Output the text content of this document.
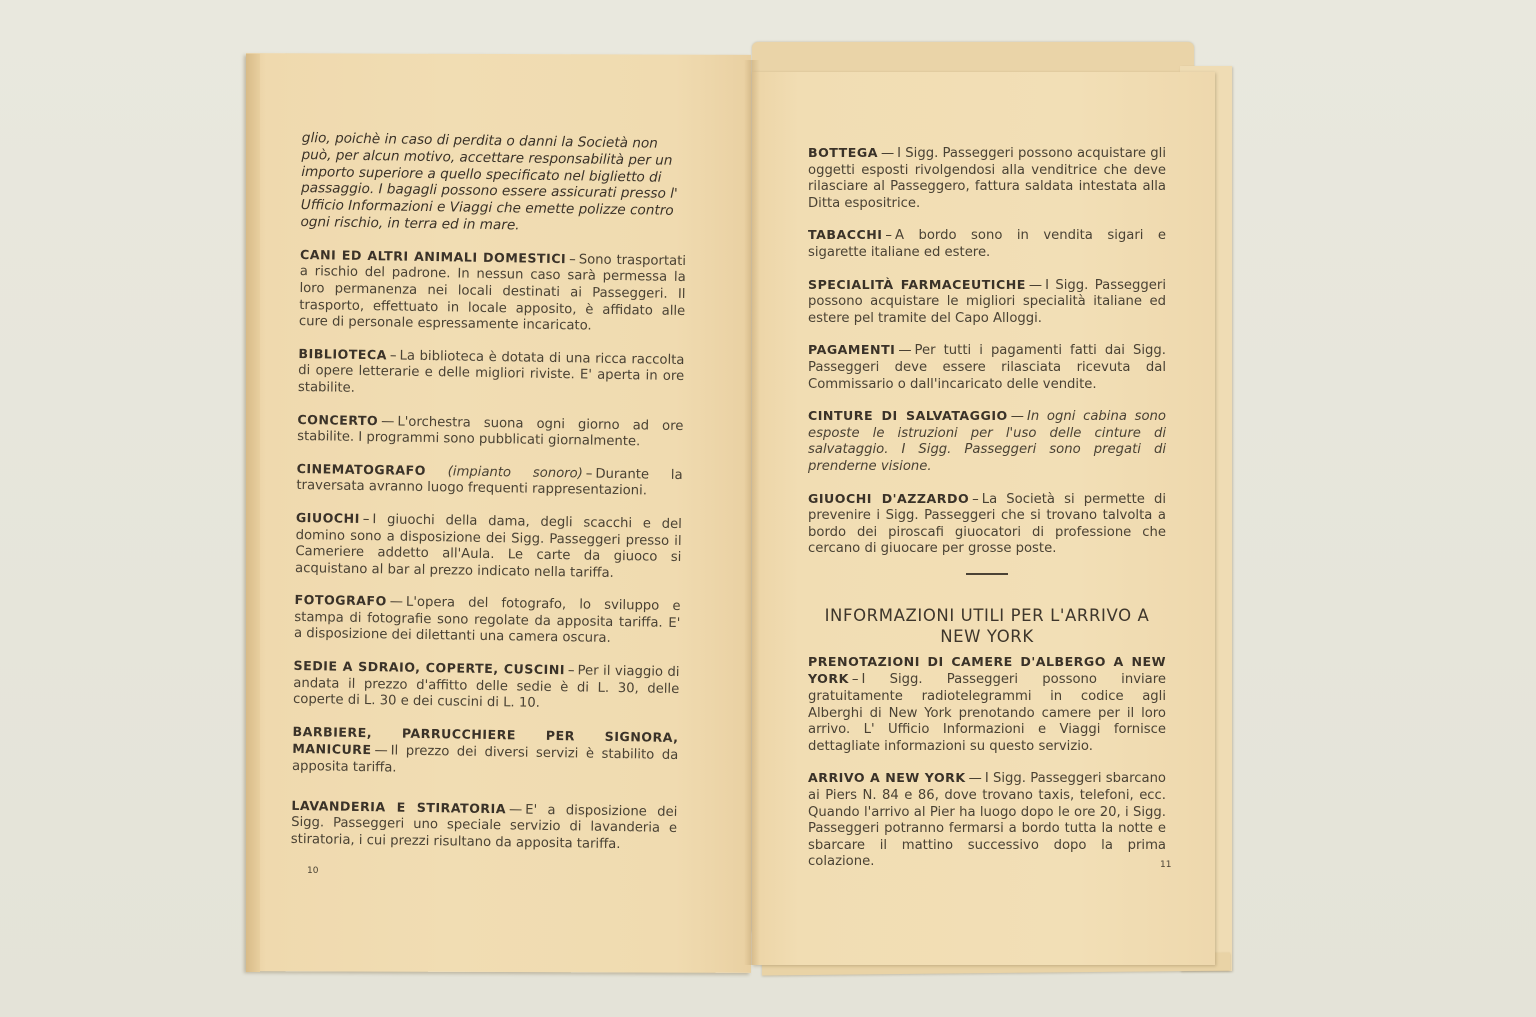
glio, poichè in caso di perdita o danni la Società non può, per alcun motivo, accettare responsabilità per un importo superiore a quello specificato nel biglietto di passaggio. I bagagli possono essere assicurati presso l' Ufficio Informazioni e Viaggi che emette polizze contro ogni rischio, in terra ed in mare.
CANI ED ALTRI ANIMALI DOMESTICI – Sono trasportati a rischio del padrone. In nessun caso sarà permessa la loro permanenza nei locali destinati ai Passeggeri. Il trasporto, effettuato in locale apposito, è affidato alle cure di personale espressamente incaricato.
BIBLIOTECA – La biblioteca è dotata di una ricca raccolta di opere letterarie e delle migliori riviste. E' aperta in ore stabilite.
CONCERTO — L'orchestra suona ogni giorno ad ore stabilite. I programmi sono pubblicati giornalmente.
CINEMATOGRAFO (impianto sonoro) – Durante la traversata avranno luogo frequenti rappresentazioni.
GIUOCHI – I giuochi della dama, degli scacchi e del domino sono a disposizione dei Sigg. Passeggeri presso il Cameriere addetto all'Aula. Le carte da giuoco si acquistano al bar al prezzo indicato nella tariffa.
FOTOGRAFO — L'opera del fotografo, lo sviluppo e stampa di fotografie sono regolate da apposita tariffa. E' a disposizione dei dilettanti una camera oscura.
SEDIE A SDRAIO, COPERTE, CUSCINI – Per il viaggio di andata il prezzo d'affitto delle sedie è di L. 30, delle coperte di L. 30 e dei cuscini di L. 10.
BARBIERE, PARRUCCHIERE PER SIGNORA, MANICURE — Il prezzo dei diversi servizi è stabilito da apposita tariffa.
LAVANDERIA E STIRATORIA — E' a disposizione dei Sigg. Passeggeri uno speciale servizio di lavanderia e stiratoria, i cui prezzi risultano da apposita tariffa.
10
BOTTEGA — I Sigg. Passeggeri possono acquistare gli oggetti esposti rivolgendosi alla venditrice che deve rilasciare al Passeggero, fattura saldata intestata alla Ditta espositrice.
TABACCHI – A bordo sono in vendita sigari e sigarette italiane ed estere.
SPECIALITÀ FARMACEUTICHE — I Sigg. Passeggeri possono acquistare le migliori specialità italiane ed estere pel tramite del Capo Alloggi.
PAGAMENTI — Per tutti i pagamenti fatti dai Sigg. Passeggeri deve essere rilasciata ricevuta dal Commissario o dall'incaricato delle vendite.
CINTURE DI SALVATAGGIO — In ogni cabina sono esposte le istruzioni per l'uso delle cinture di salvataggio. I Sigg. Passeggeri sono pregati di prenderne visione.
GIUOCHI D'AZZARDO – La Società si permette di prevenire i Sigg. Passeggeri che si trovano talvolta a bordo dei piroscafi giuocatori di professione che cercano di giuocare per grosse poste.
INFORMAZIONI UTILI PER L'ARRIVO A NEW YORK
PRENOTAZIONI DI CAMERE D'ALBERGO A NEW YORK – I Sigg. Passeggeri possono inviare gratuitamente radiotelegrammi in codice agli Alberghi di New York prenotando camere per il loro arrivo. L' Ufficio Informazioni e Viaggi fornisce dettagliate informazioni su questo servizio.
ARRIVO A NEW YORK — I Sigg. Passeggeri sbarcano ai Piers N. 84 e 86, dove trovano taxis, telefoni, ecc. Quando l'arrivo al Pier ha luogo dopo le ore 20, i Sigg. Passeggeri potranno fermarsi a bordo tutta la notte e sbarcare il mattino successivo dopo la prima colazione.	11
